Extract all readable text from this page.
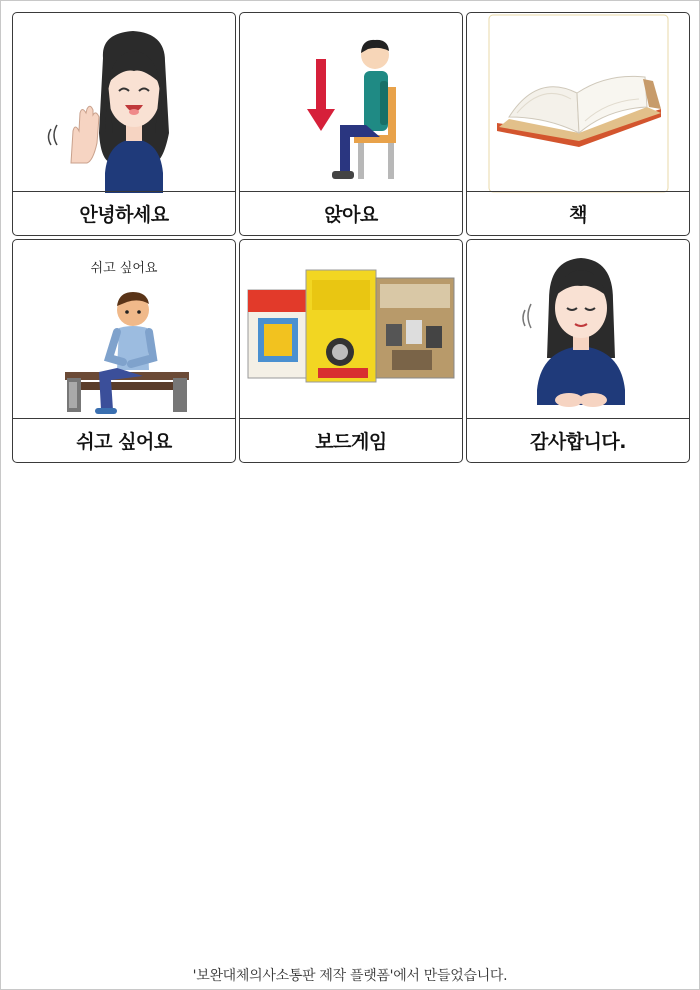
안녕하세요	앉아요	책
쉬고 싶어요
쉬고 싶어요	보드게임	감사합니다.
'보완대체의사소통판 제작 플랫폼'에서 만들었습니다.
